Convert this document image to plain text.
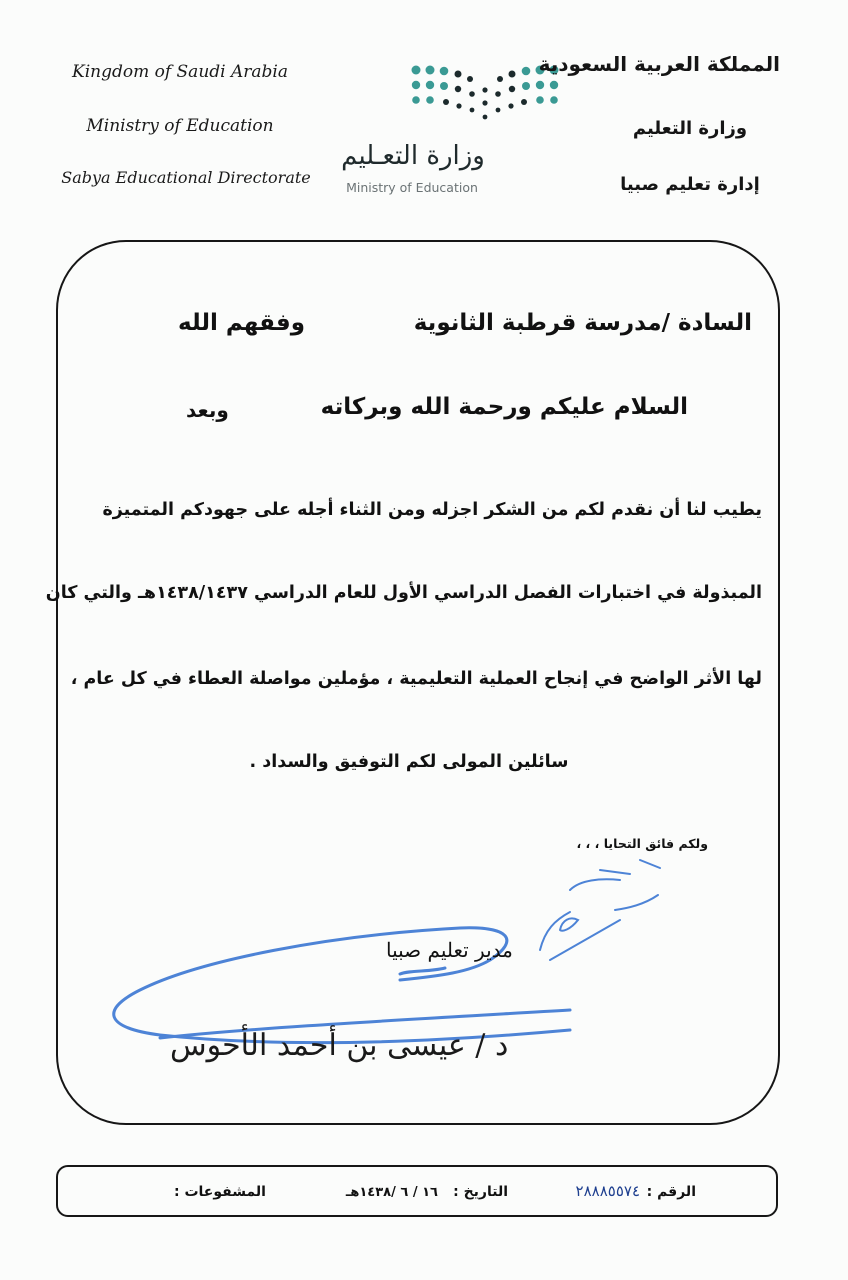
Kingdom of Saudi Arabia
Ministry of Education
Sabya Educational Directorate
وزارة التعـليم
Ministry of Education
المملكة العربية السعودية
وزارة التعليم
إدارة تعليم صبيا
السادة /مدرسة قرطبة الثانوية
وفقهم الله
السلام عليكم ورحمة الله وبركاته
وبعد
يطيب لنا أن نقدم لكم من الشكر اجزله ومن الثناء أجله على جهودكم المتميزة
المبذولة في اختبارات الفصل الدراسي الأول للعام الدراسي ١٤٣٨/١٤٣٧هـ والتي كان
لها الأثر الواضح في إنجاح العملية التعليمية ، مؤملين مواصلة العطاء في كل عام ،
سائلين المولى لكم التوفيق والسداد .
ولكم فائق التحايا ، ، ،
مدير تعليم صبيا
د / عيسى بن أحمد الأحوس
الرقم :
٢٨٨٨٥٥٧٤
التاريخ :
١٦ / ٦ /١٤٣٨هـ
المشفوعات :
